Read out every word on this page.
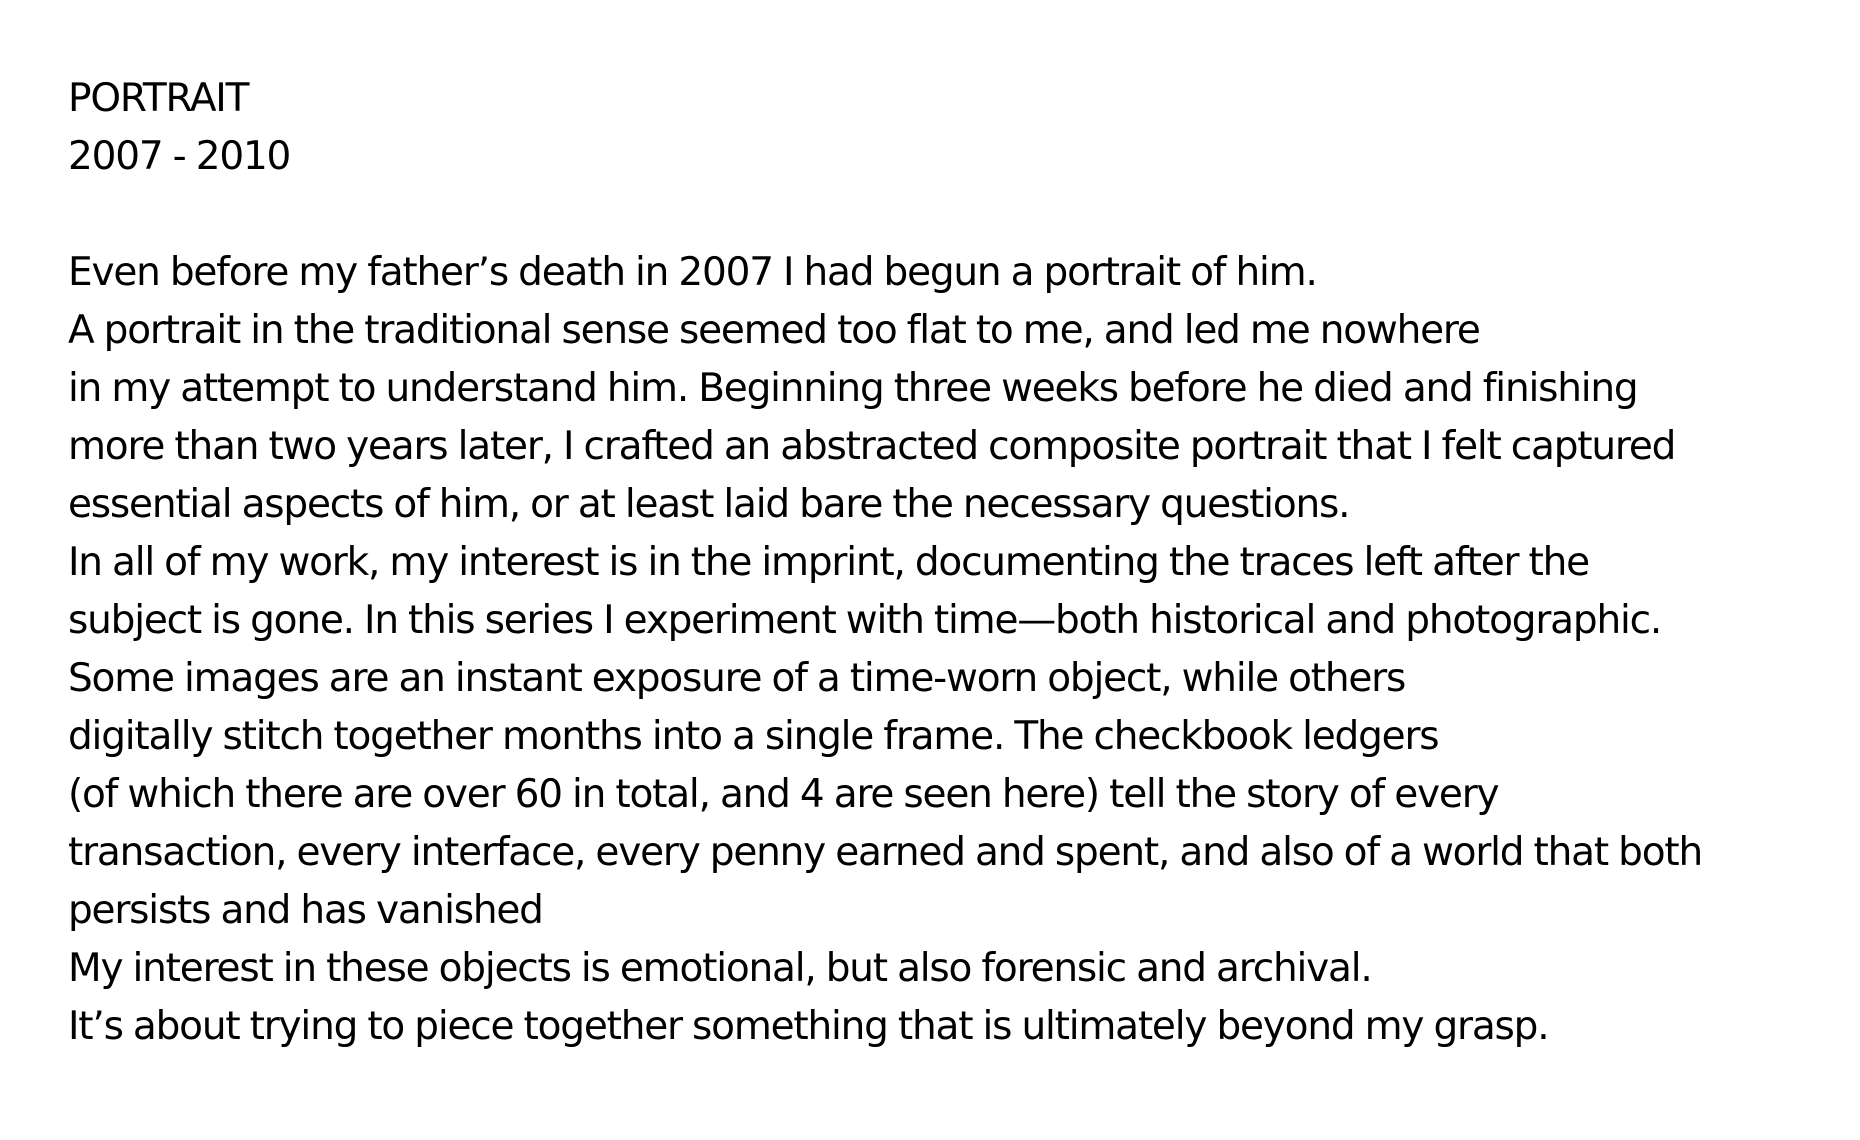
PORTRAIT
2007 - 2010
Even before my father’s death in 2007 I had begun a portrait of him.
A portrait in the traditional sense seemed too flat to me, and led me nowhere
in my attempt to understand him. Beginning three weeks before he died and finishing
more than two years later, I crafted an abstracted composite portrait that I felt captured
essential aspects of him, or at least laid bare the necessary questions.
In all of my work, my interest is in the imprint, documenting the traces left after the
subject is gone. In this series I experiment with time—both historical and photographic.
Some images are an instant exposure of a time-worn object, while others
digitally stitch together months into a single frame. The checkbook ledgers
(of which there are over 60 in total, and 4 are seen here) tell the story of every
transaction, every interface, every penny earned and spent, and also of a world that both
persists and has vanished
My interest in these objects is emotional, but also forensic and archival.
It’s about trying to piece together something that is ultimately beyond my grasp.
